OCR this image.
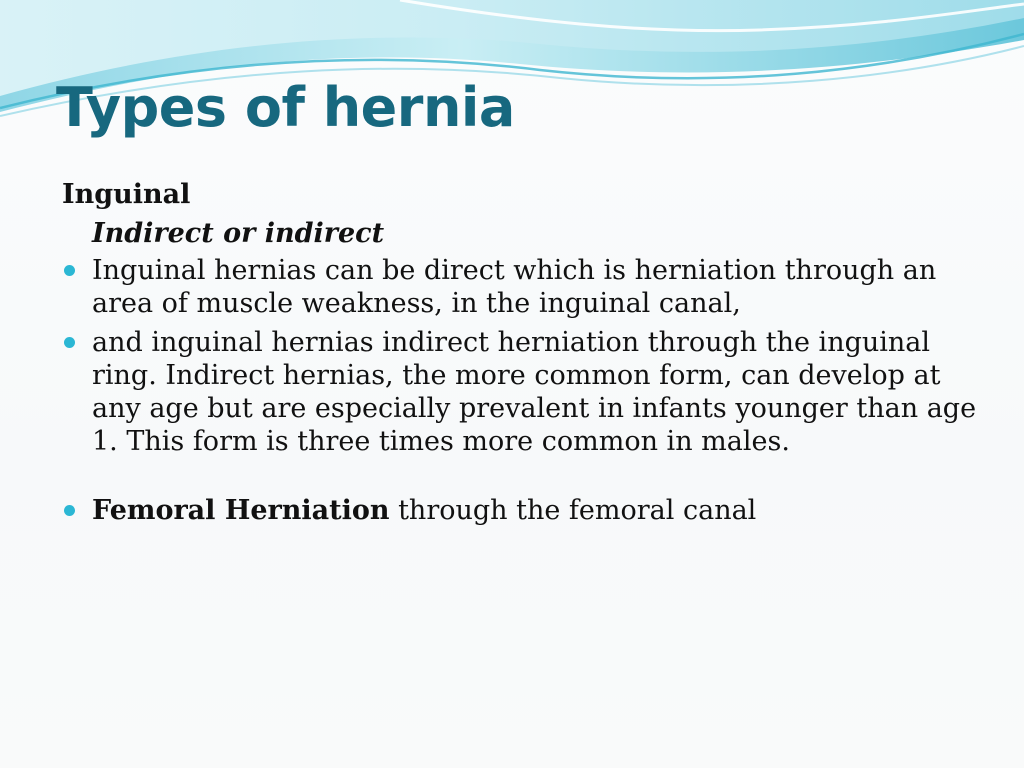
Types of hernia

Inguinal

Indirect or indirect

Inguinal hernias can be direct which is herniation through an area of muscle weakness, in the inguinal canal,
and inguinal hernias indirect herniation through the inguinal ring. Indirect hernias, the more common form, can develop at any age but are especially prevalent in infants younger than age 1. This form is three times more common in males.
Femoral Herniation through the femoral canal
